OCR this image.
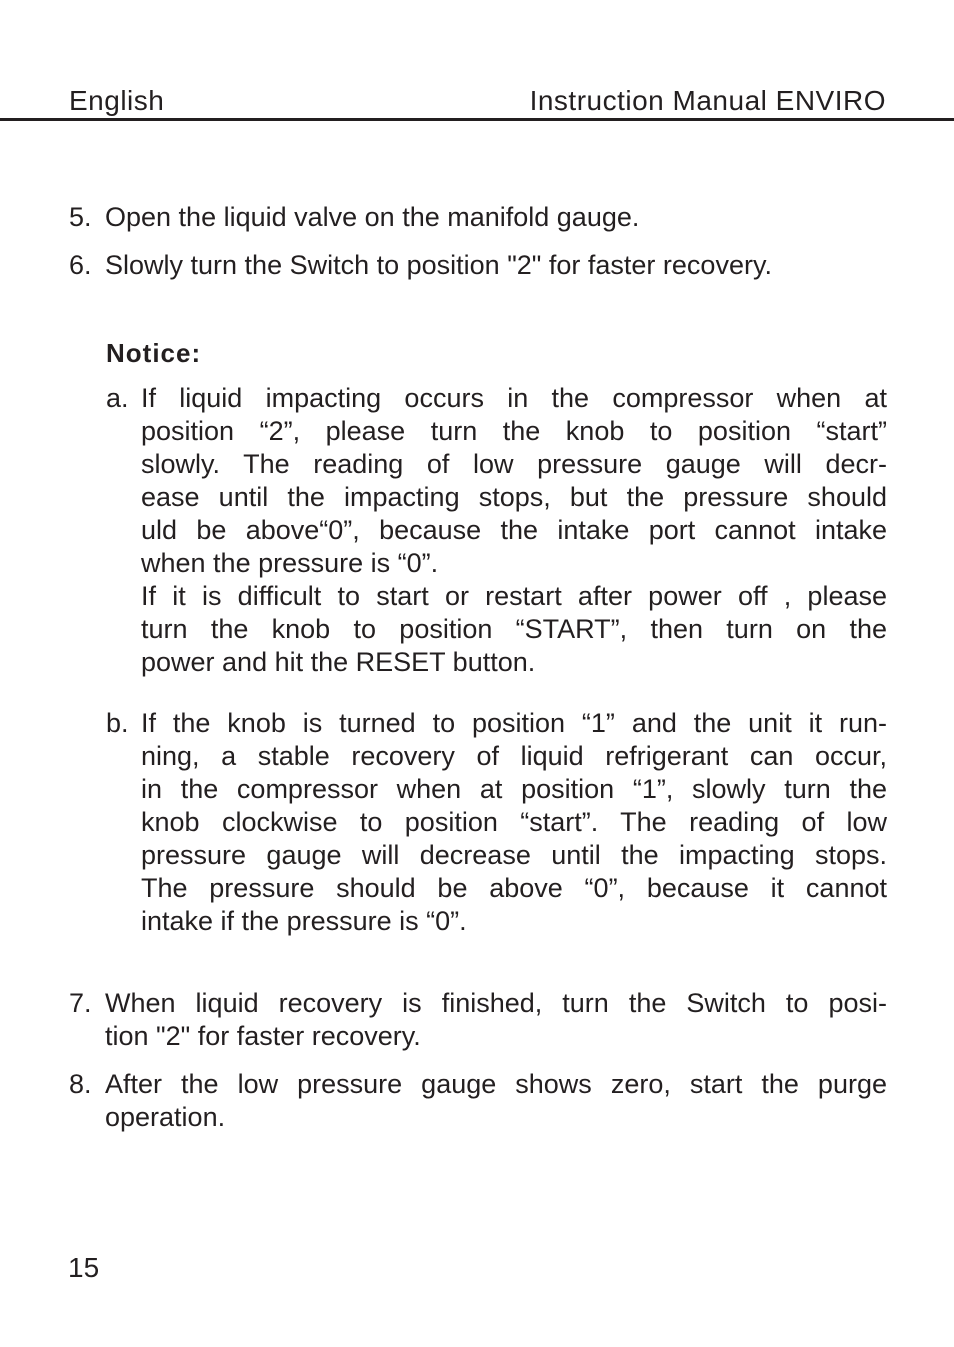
English	Instruction Manual ENVIRO
5. Open the liquid valve on the manifold gauge.
6. Slowly turn the Switch to position "2" for faster recovery.
Notice:
a. If liquid impacting occurs in the compressor when at
position “2”, please turn the knob to position “start”
slowly. The reading of low pressure gauge will decr-
ease until the impacting stops, but the pressure should
uld be above“0”, because the intake port cannot intake
when the pressure is “0”.
If it is difficult to start or restart after power off , please
turn the knob to position “START”, then turn on the
power and hit the RESET button.
b. If the knob is turned to position “1” and the unit it run-
ning, a stable recovery of liquid refrigerant can occur,
in the compressor when at position “1”, slowly turn the
knob clockwise to position “start”. The reading of low
pressure gauge will decrease until the impacting stops.
The pressure should be above “0”, because it cannot
intake if the pressure is “0”.
7. When liquid recovery is finished, turn the Switch to posi-
tion "2" for faster recovery.
8. After the low pressure gauge shows zero, start the purge
operation.
15
